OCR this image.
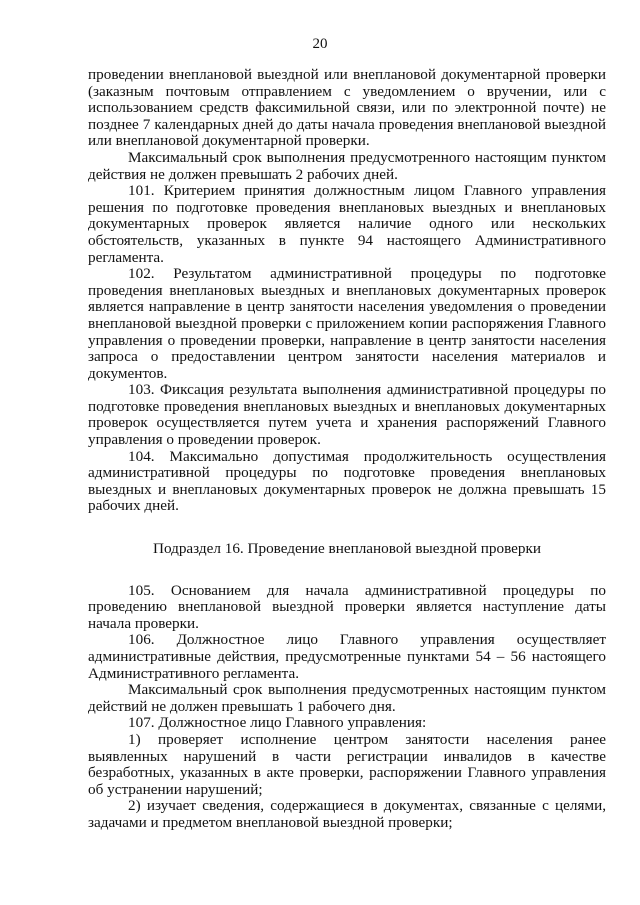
20

проведении внеплановой выездной или внеплановой документарной проверки (заказным почтовым отправлением с уведомлением о вручении, или с использованием средств факсимильной связи, или по электронной почте) не позднее 7 календарных дней до даты начала проведения внеплановой выездной или внеплановой документарной проверки.

Максимальный срок выполнения предусмотренного настоящим пунктом действия не должен превышать 2 рабочих дней.

101. Критерием принятия должностным лицом Главного управления решения по подготовке проведения внеплановых выездных и внеплановых документарных проверок является наличие одного или нескольких обстоятельств, указанных в пункте 94 настоящего Административного регламента.

102. Результатом административной процедуры по подготовке проведения внеплановых выездных и внеплановых документарных проверок является направление в центр занятости населения уведомления о проведении внеплановой выездной проверки с приложением копии распоряжения Главного управления о проведении проверки, направление в центр занятости населения запроса о предоставлении центром занятости населения материалов и документов.

103. Фиксация результата выполнения административной процедуры по подготовке проведения внеплановых выездных и внеплановых документарных проверок осуществляется путем учета и хранения распоряжений Главного управления о проведении проверок.

104. Максимально допустимая продолжительность осуществления административной процедуры по подготовке проведения внеплановых выездных и внеплановых документарных проверок не должна превышать 15 рабочих дней.

Подраздел 16. Проведение внеплановой выездной проверки

105. Основанием для начала административной процедуры по проведению внеплановой выездной проверки является наступление даты начала проверки.

106. Должностное лицо Главного управления осуществляет административные действия, предусмотренные пунктами 54 – 56 настоящего Административного регламента.

Максимальный срок выполнения предусмотренных настоящим пунктом действий не должен превышать 1 рабочего дня.

107. Должностное лицо Главного управления:

1) проверяет исполнение центром занятости населения ранее выявленных нарушений в части регистрации инвалидов в качестве безработных, указанных в акте проверки, распоряжении Главного управления об устранении нарушений;

2) изучает сведения, содержащиеся в документах, связанные с целями, задачами и предметом внеплановой выездной проверки;
